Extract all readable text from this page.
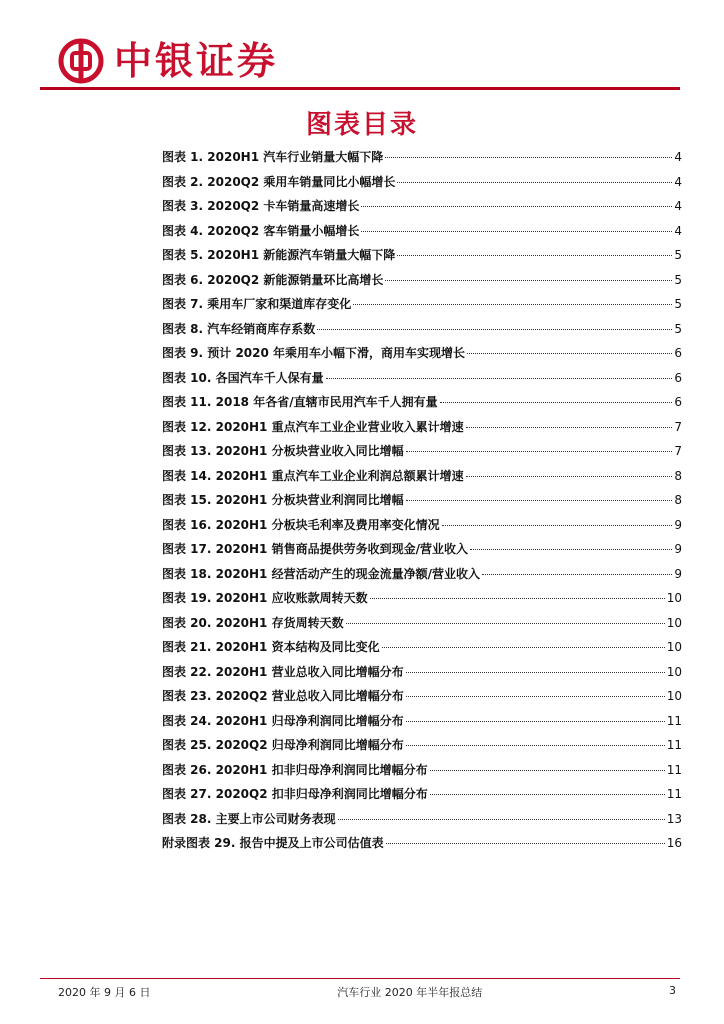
中银证券
图表目录
图表 1. 2020H1 汽车行业销量大幅下降	4
图表 2. 2020Q2 乘用车销量同比小幅增长	4
图表 3. 2020Q2 卡车销量高速增长	4
图表 4. 2020Q2 客车销量小幅增长	4
图表 5. 2020H1 新能源汽车销量大幅下降	5
图表 6. 2020Q2 新能源销量环比高增长	5
图表 7. 乘用车厂家和渠道库存变化	5
图表 8. 汽车经销商库存系数	5
图表 9. 预计 2020 年乘用车小幅下滑，商用车实现增长	6
图表 10. 各国汽车千人保有量	6
图表 11. 2018 年各省/直辖市民用汽车千人拥有量	6
图表 12. 2020H1 重点汽车工业企业营业收入累计增速	7
图表 13. 2020H1 分板块营业收入同比增幅	7
图表 14. 2020H1 重点汽车工业企业利润总额累计增速	8
图表 15. 2020H1 分板块营业利润同比增幅	8
图表 16. 2020H1 分板块毛利率及费用率变化情况	9
图表 17. 2020H1 销售商品提供劳务收到现金/营业收入	9
图表 18. 2020H1 经营活动产生的现金流量净额/营业收入	9
图表 19. 2020H1 应收账款周转天数	10
图表 20. 2020H1 存货周转天数	10
图表 21. 2020H1 资本结构及同比变化	10
图表 22. 2020H1 营业总收入同比增幅分布	10
图表 23. 2020Q2 营业总收入同比增幅分布	10
图表 24. 2020H1 归母净利润同比增幅分布	11
图表 25. 2020Q2 归母净利润同比增幅分布	11
图表 26. 2020H1 扣非归母净利润同比增幅分布	11
图表 27. 2020Q2 扣非归母净利润同比增幅分布	11
图表 28. 主要上市公司财务表现	13
附录图表 29. 报告中提及上市公司估值表	16
2020 年 9 月 6 日	汽车行业 2020 年半年报总结	3
